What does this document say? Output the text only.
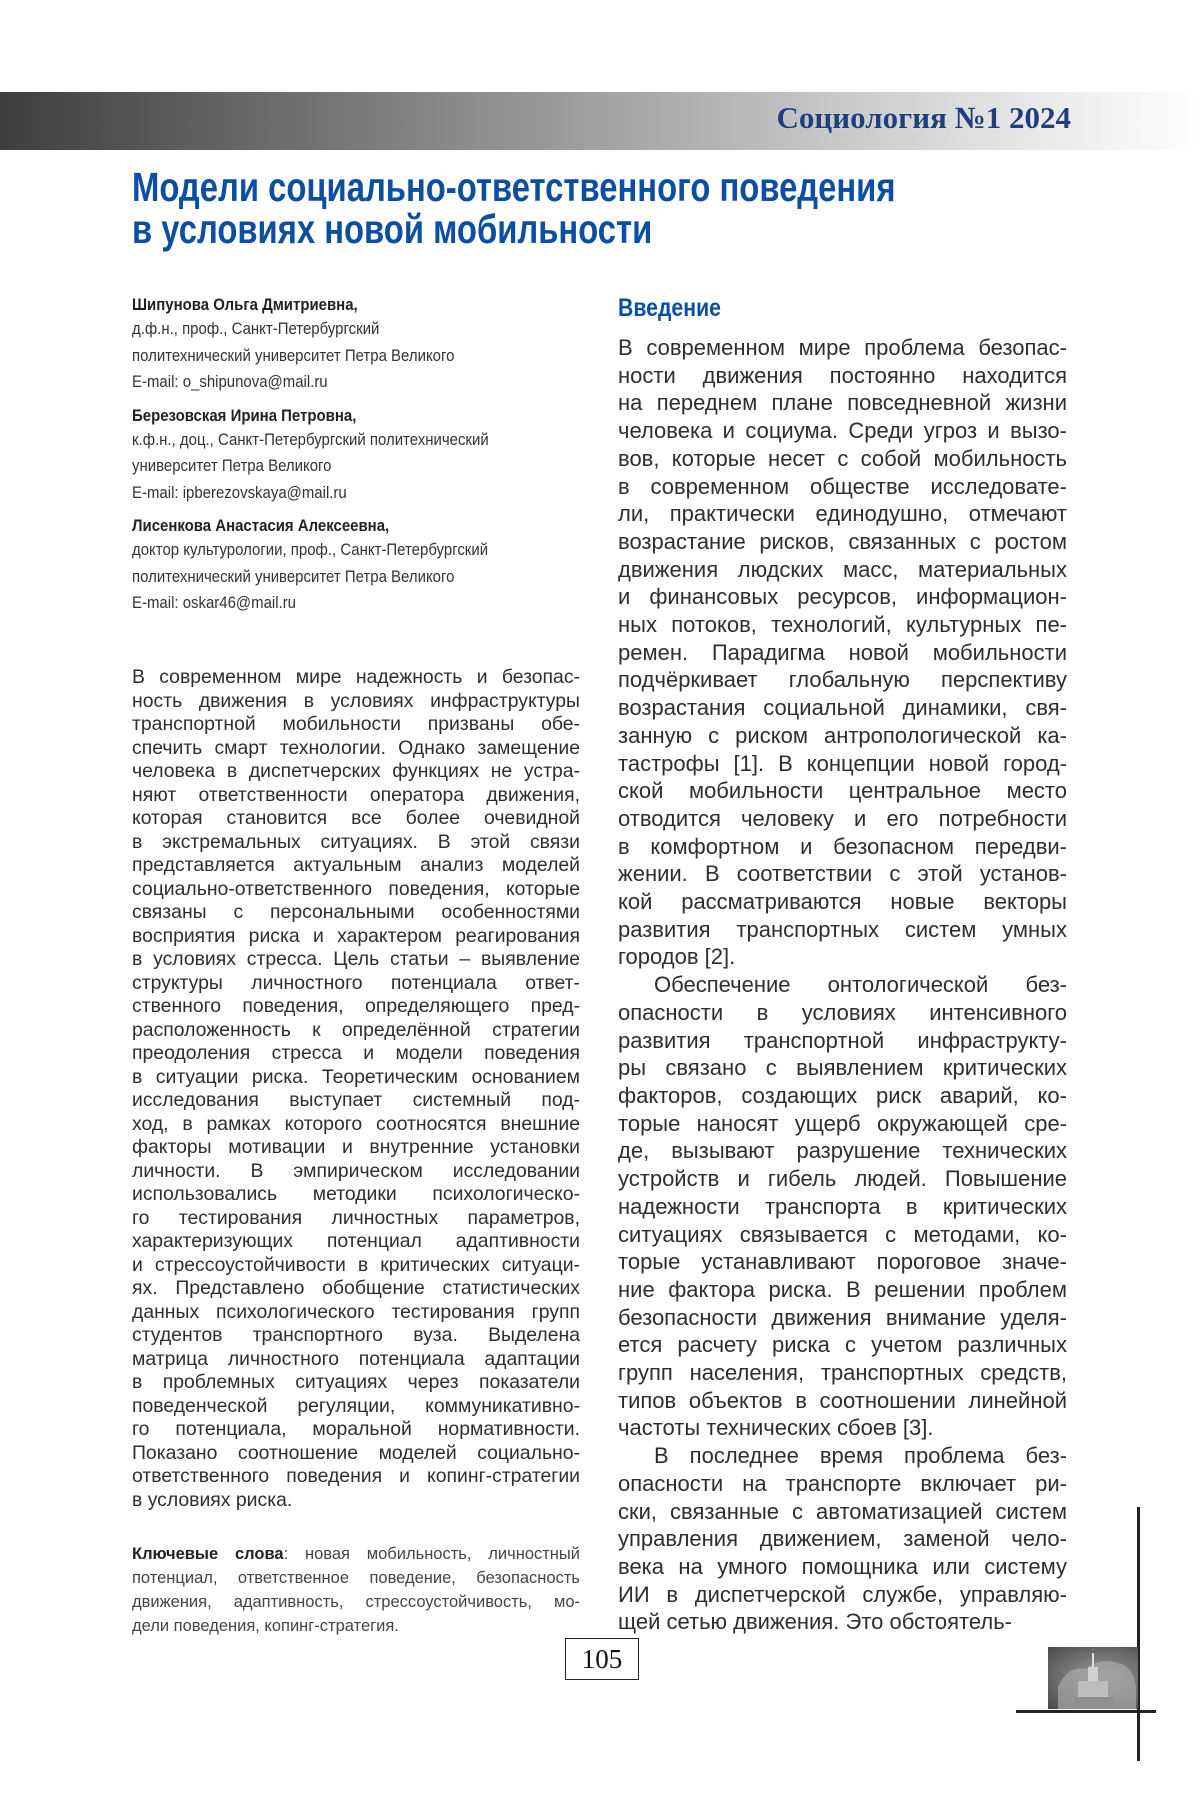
Социология №1 2024
Модели социально-ответственного поведения
в условиях новой мобильности
Шипунова Ольга Дмитриевна,
д.ф.н., проф., Санкт-Петербургский
политехнический университет Петра Великого
E-mail: o_shipunova@mail.ru
Березовская Ирина Петровна,
к.ф.н., доц., Санкт-Петербургский политехнический
университет Петра Великого
E-mail: ipberezovskaya@mail.ru
Лисенкова Анастасия Алексеевна,
доктор культурологии, проф., Санкт-Петербургский
политехнический университет Петра Великого
E-mail: oskar46@mail.ru
В современном мире надежность и безопас-
ность движения в условиях инфраструктуры
транспортной мобильности призваны обе-
спечить смарт технологии. Однако замещение
человека в диспетчерских функциях не устра-
няют ответственности оператора движения,
которая становится все более очевидной
в экстремальных ситуациях. В этой связи
представляется актуальным анализ моделей
социально-ответственного поведения, которые
связаны с персональными особенностями
восприятия риска и характером реагирования
в условиях стресса. Цель статьи – выявление
структуры личностного потенциала ответ-
ственного поведения, определяющего пред-
расположенность к определённой стратегии
преодоления стресса и модели поведения
в ситуации риска. Теоретическим основанием
исследования выступает системный под-
ход, в рамках которого соотносятся внешние
факторы мотивации и внутренние установки
личности. В эмпирическом исследовании
использовались методики психологическо-
го тестирования личностных параметров,
характеризующих потенциал адаптивности
и стрессоустойчивости в критических ситуаци-
ях. Представлено обобщение статистических
данных психологического тестирования групп
студентов транспортного вуза. Выделена
матрица личностного потенциала адаптации
в проблемных ситуациях через показатели
поведенческой регуляции, коммуникативно-
го потенциала, моральной нормативности.
Показано соотношение моделей социально-
ответственного поведения и копинг-стратегии
в условиях риска.
Ключевые слова: новая мобильность, личностный
потенциал, ответственное поведение, безопасность
движения, адаптивность, стрессоустойчивость, мо-
дели поведения, копинг-стратегия.
Введение
В современном мире проблема безопас-
ности движения постоянно находится
на переднем плане повседневной жизни
человека и социума. Среди угроз и вызо-
вов, которые несет с собой мобильность
в современном обществе исследовате-
ли, практически единодушно, отмечают
возрастание рисков, связанных с ростом
движения людских масс, материальных
и финансовых ресурсов, информацион-
ных потоков, технологий, культурных пе-
ремен. Парадигма новой мобильности
подчёркивает глобальную перспективу
возрастания социальной динамики, свя-
занную с риском антропологической ка-
тастрофы [1]. В концепции новой город-
ской мобильности центральное место
отводится человеку и его потребности
в комфортном и безопасном передви-
жении. В соответствии с этой установ-
кой рассматриваются новые векторы
развития транспортных систем умных
городов [2].
Обеспечение онтологической без-
опасности в условиях интенсивного
развития транспортной инфраструкту-
ры связано с выявлением критических
факторов, создающих риск аварий, ко-
торые наносят ущерб окружающей сре-
де, вызывают разрушение технических
устройств и гибель людей. Повышение
надежности транспорта в критических
ситуациях связывается с методами, ко-
торые устанавливают пороговое значе-
ние фактора риска. В решении проблем
безопасности движения внимание уделя-
ется расчету риска с учетом различных
групп населения, транспортных средств,
типов объектов в соотношении линейной
частоты технических сбоев [3].
В последнее время проблема без-
опасности на транспорте включает ри-
ски, связанные с автоматизацией систем
управления движением, заменой чело-
века на умного помощника или систему
ИИ в диспетчерской службе, управляю-
щей сетью движения. Это обстоятель-
105
